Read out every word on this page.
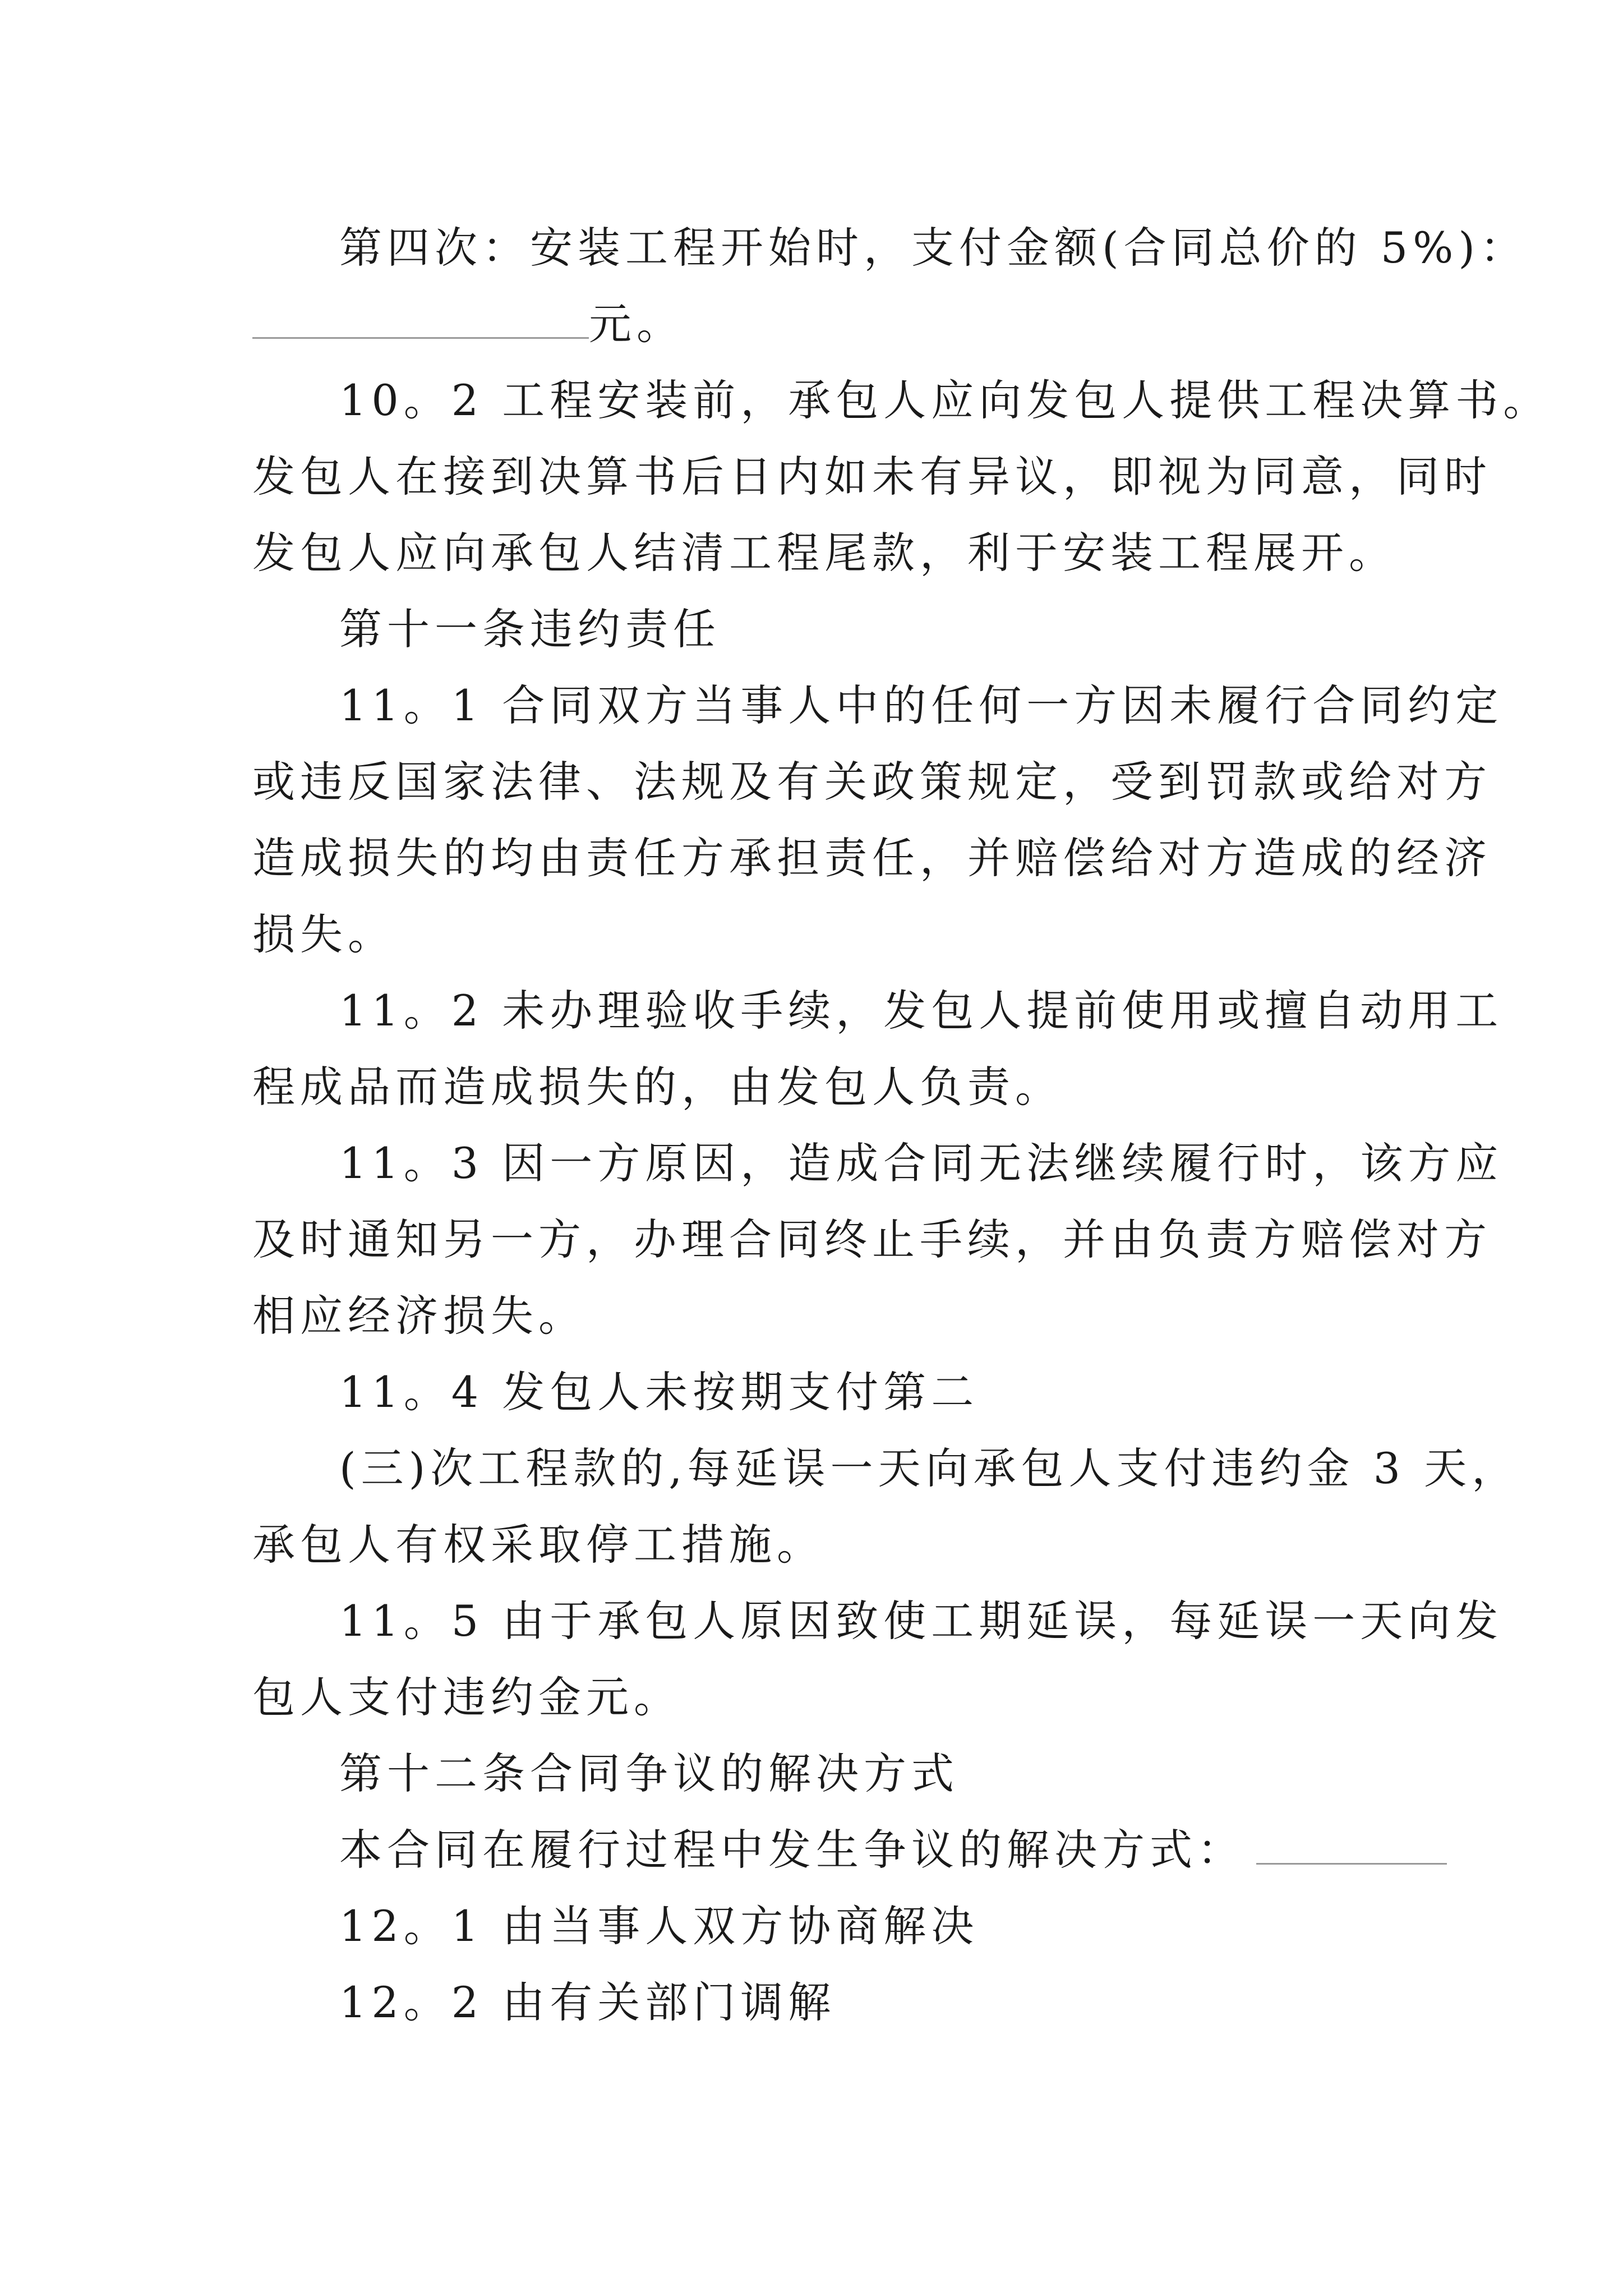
第四次：安装工程开始时，支付金额(合同总价的 5%)：
元。
10。2 工程安装前，承包人应向发包人提供工程决算书。
发包人在接到决算书后日内如未有异议，即视为同意，同时
发包人应向承包人结清工程尾款，利于安装工程展开。
第十一条违约责任
11。1 合同双方当事人中的任何一方因未履行合同约定
或违反国家法律、法规及有关政策规定，受到罚款或给对方
造成损失的均由责任方承担责任，并赔偿给对方造成的经济
损失。
11。2 未办理验收手续，发包人提前使用或擅自动用工
程成品而造成损失的，由发包人负责。
11。3 因一方原因，造成合同无法继续履行时，该方应
及时通知另一方，办理合同终止手续，并由负责方赔偿对方
相应经济损失。
11。4 发包人未按期支付第二
(三)次工程款的,每延误一天向承包人支付违约金 3 天，
承包人有权采取停工措施。
11。5 由于承包人原因致使工期延误，每延误一天向发
包人支付违约金元。
第十二条合同争议的解决方式
本合同在履行过程中发生争议的解决方式：
12。1 由当事人双方协商解决
12。2 由有关部门调解
